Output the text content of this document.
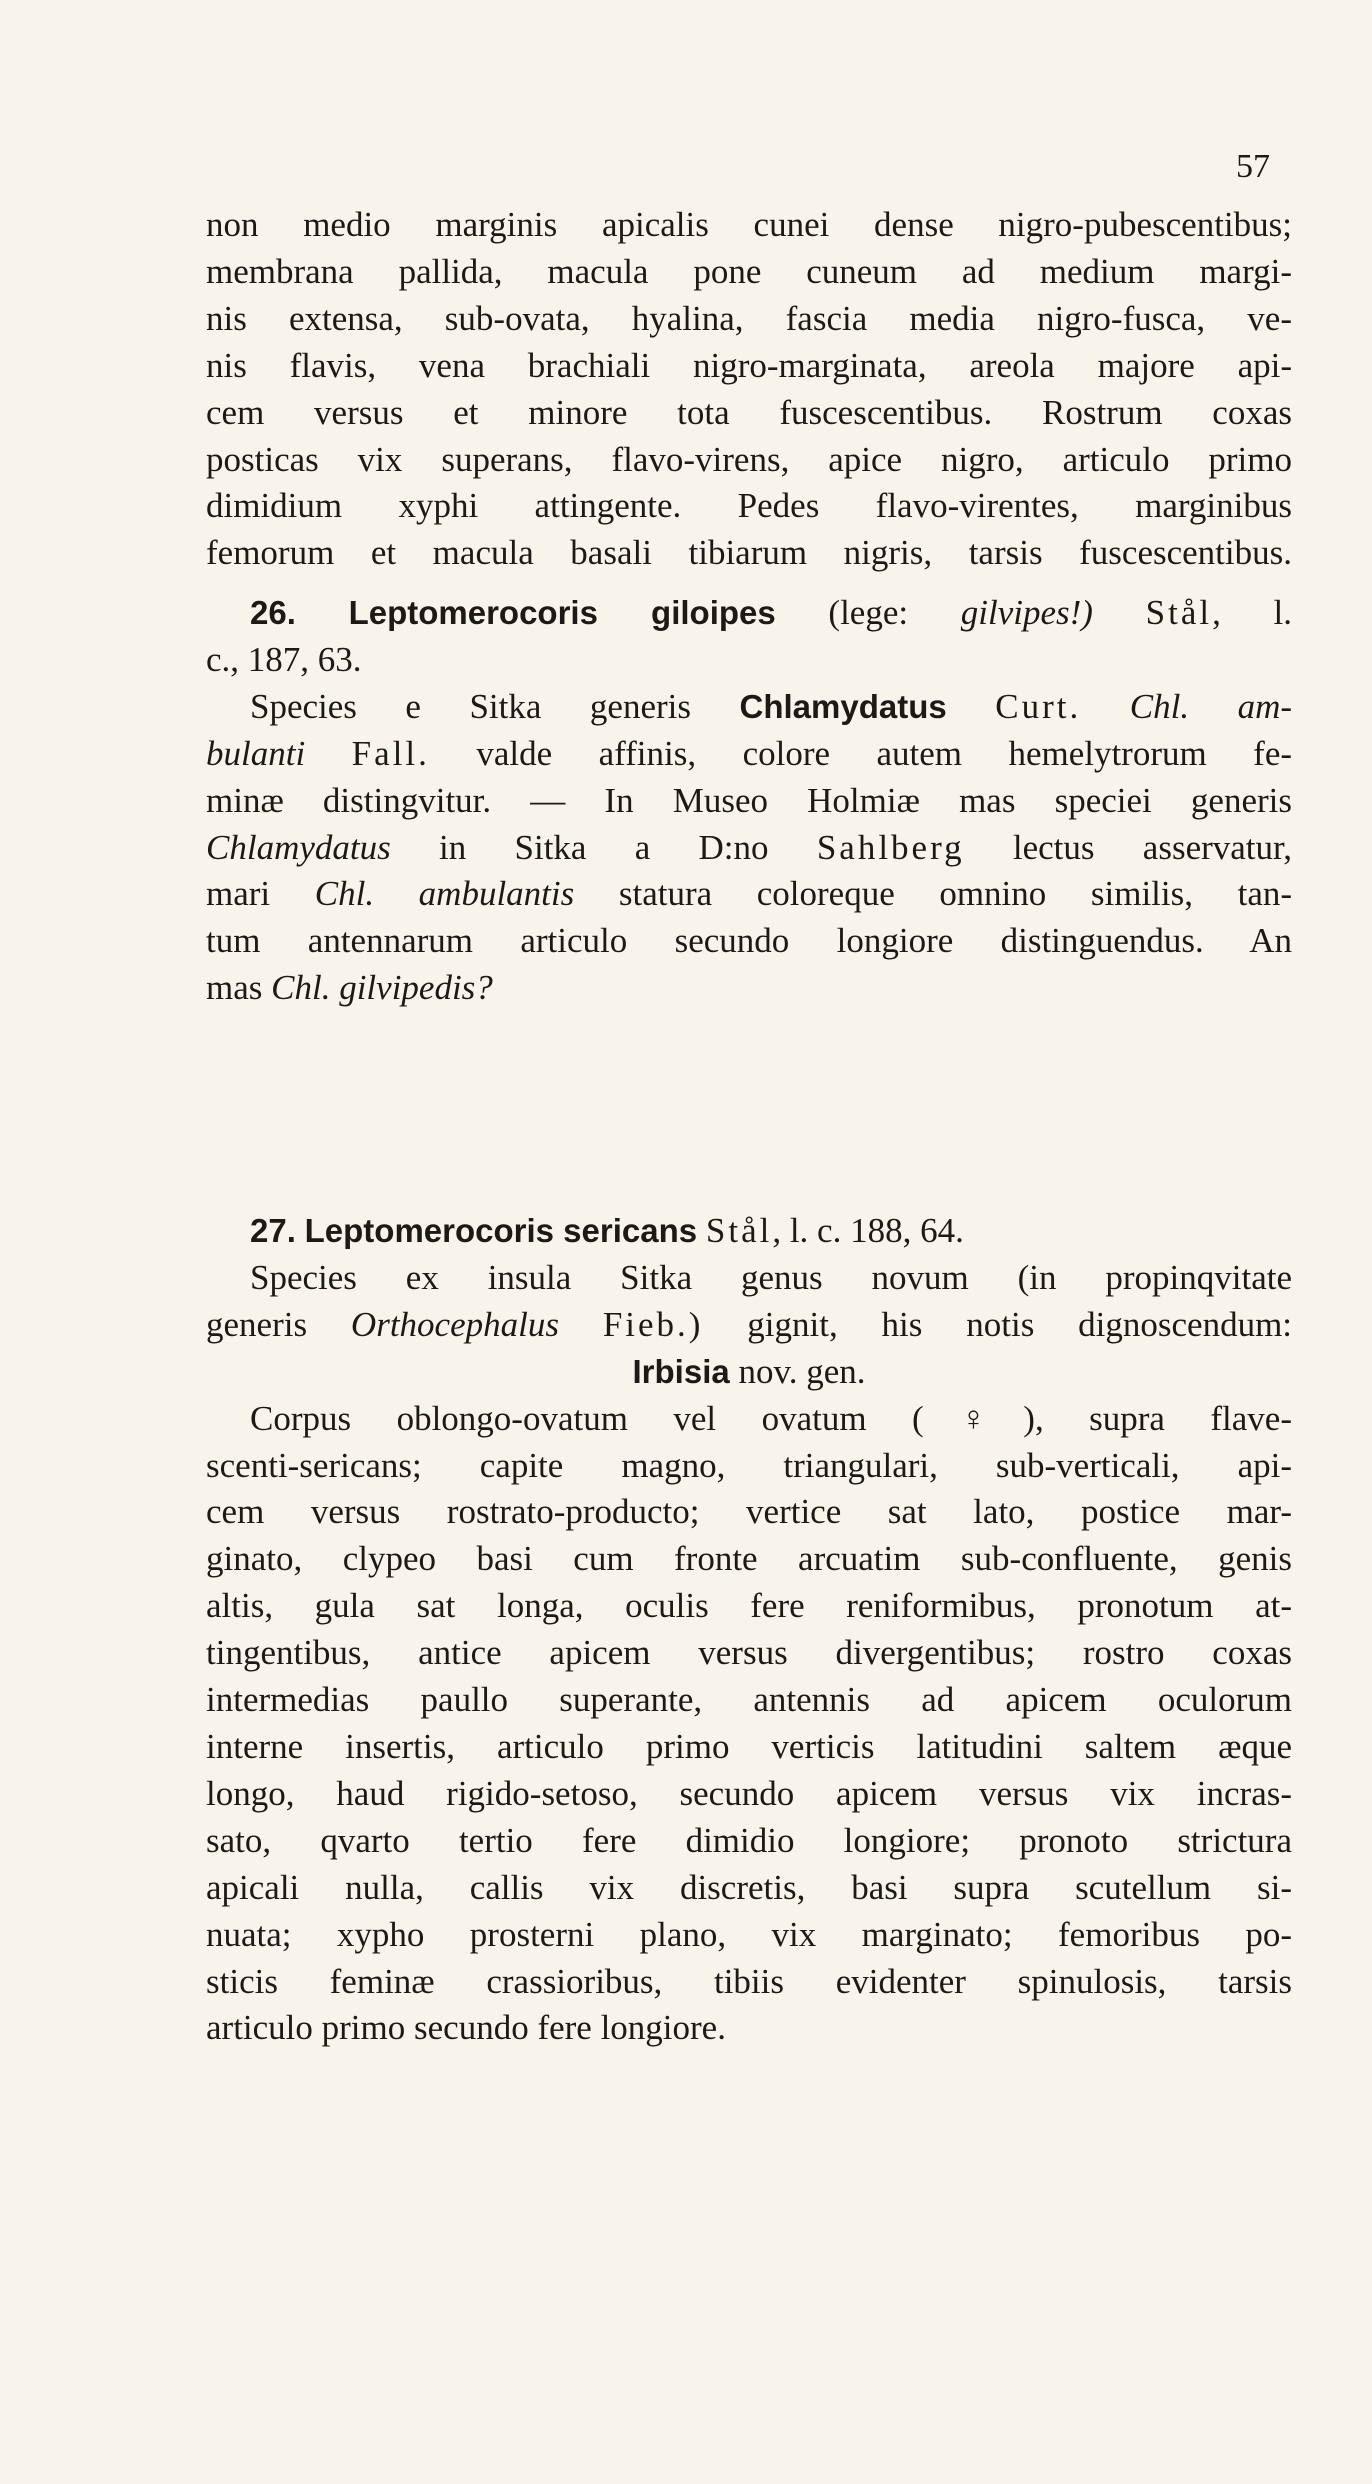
57
non medio marginis apicalis cunei dense nigro-pubescentibus;
membrana pallida, macula pone cuneum ad medium margi-
nis extensa, sub-ovata, hyalina, fascia media nigro-fusca, ve-
nis flavis, vena brachiali nigro-marginata, areola majore api-
cem versus et minore tota fuscescentibus. Rostrum coxas
posticas vix superans, flavo-virens, apice nigro, articulo primo
dimidium xyphi attingente. Pedes flavo-virentes, marginibus
femorum et macula basali tibiarum nigris, tarsis fuscescentibus.
26. Leptomerocoris giloipes (lege: gilvipes!) Stål, l.
c., 187, 63.
Species e Sitka generis Chlamydatus Curt. Chl. am-
bulanti Fall. valde affinis, colore autem hemelytrorum fe-
minæ distingvitur. — In Museo Holmiæ mas speciei generis
Chlamydatus in Sitka a D:no Sahlberg lectus asservatur,
mari Chl. ambulantis statura coloreque omnino similis, tan-
tum antennarum articulo secundo longiore distinguendus. An
mas Chl. gilvipedis?
27. Leptomerocoris sericans Stål, l. c. 188, 64.
Species ex insula Sitka genus novum (in propinqvitate
generis Orthocephalus Fieb.) gignit, his notis dignoscendum:
Irbisia nov. gen.
Corpus oblongo-ovatum vel ovatum (♀), supra flave-
scenti-sericans; capite magno, triangulari, sub-verticali, api-
cem versus rostrato-producto; vertice sat lato, postice mar-
ginato, clypeo basi cum fronte arcuatim sub-confluente, genis
altis, gula sat longa, oculis fere reniformibus, pronotum at-
tingentibus, antice apicem versus divergentibus; rostro coxas
intermedias paullo superante, antennis ad apicem oculorum
interne insertis, articulo primo verticis latitudini saltem æque
longo, haud rigido-setoso, secundo apicem versus vix incras-
sato, qvarto tertio fere dimidio longiore; pronoto strictura
apicali nulla, callis vix discretis, basi supra scutellum si-
nuata; xypho prosterni plano, vix marginato; femoribus po-
sticis feminæ crassioribus, tibiis evidenter spinulosis, tarsis
articulo primo secundo fere longiore.
